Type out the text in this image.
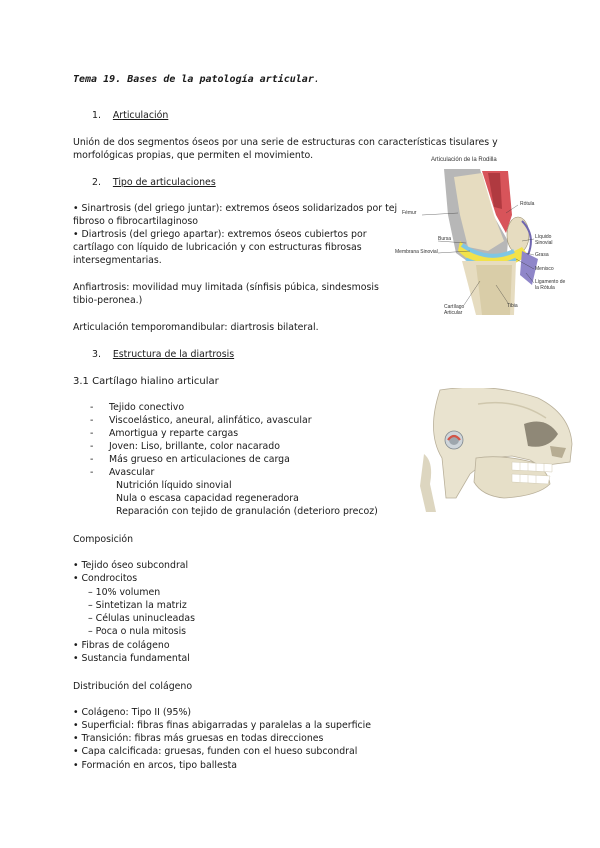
Tema 19. Bases de la patología articular.
1. Articulación
Unión de dos segmentos óseos por una serie de estructuras con características tisulares y
morfológicas propias, que permiten el movimiento.
2. Tipo de articulaciones
• Sinartrosis (del griego juntar): extremos óseos solidarizados por tej
fibroso o fibrocartilaginoso
• Diartrosis (del griego apartar): extremos óseos cubiertos por
cartílago con líquido de lubricación y con estructuras fibrosas
intersegmentarias.
Anfiartrosis: movilidad muy limitada (sínfisis púbica, sindesmosis
tibio-peronea.)
Articulación temporomandibular: diartrosis bilateral.
3. Estructura de la diartrosis
3.1 Cartílago hialino articular
- Tejido conectivo
- Viscoelástico, aneural, alinfático, avascular
- Amortigua y reparte cargas
- Joven: Liso, brillante, color nacarado
- Más grueso en articulaciones de carga
- Avascular
Nutrición líquido sinovial
Nula o escasa capacidad regeneradora
Reparación con tejido de granulación (deterioro precoz)
Composición
• Tejido óseo subcondral
• Condrocitos
– 10% volumen
– Sintetizan la matriz
– Células uninucleadas
– Poca o nula mitosis
• Fibras de colágeno
• Sustancia fundamental
Distribución del colágeno
• Colágeno: Tipo II (95%)
• Superficial: fibras finas abigarradas y paralelas a la superficie
• Transición: fibras más gruesas en todas direcciones
• Capa calcificada: gruesas, funden con el hueso subcondral
• Formación en arcos, tipo ballesta
Articulación de la Rodilla
Fémur
Bursa
Membrana Sinovial
Cartílago Articular
Tibia
Rótula
Líquido Sinovial
Grasa
Menisco
Ligamento de la Rótula
